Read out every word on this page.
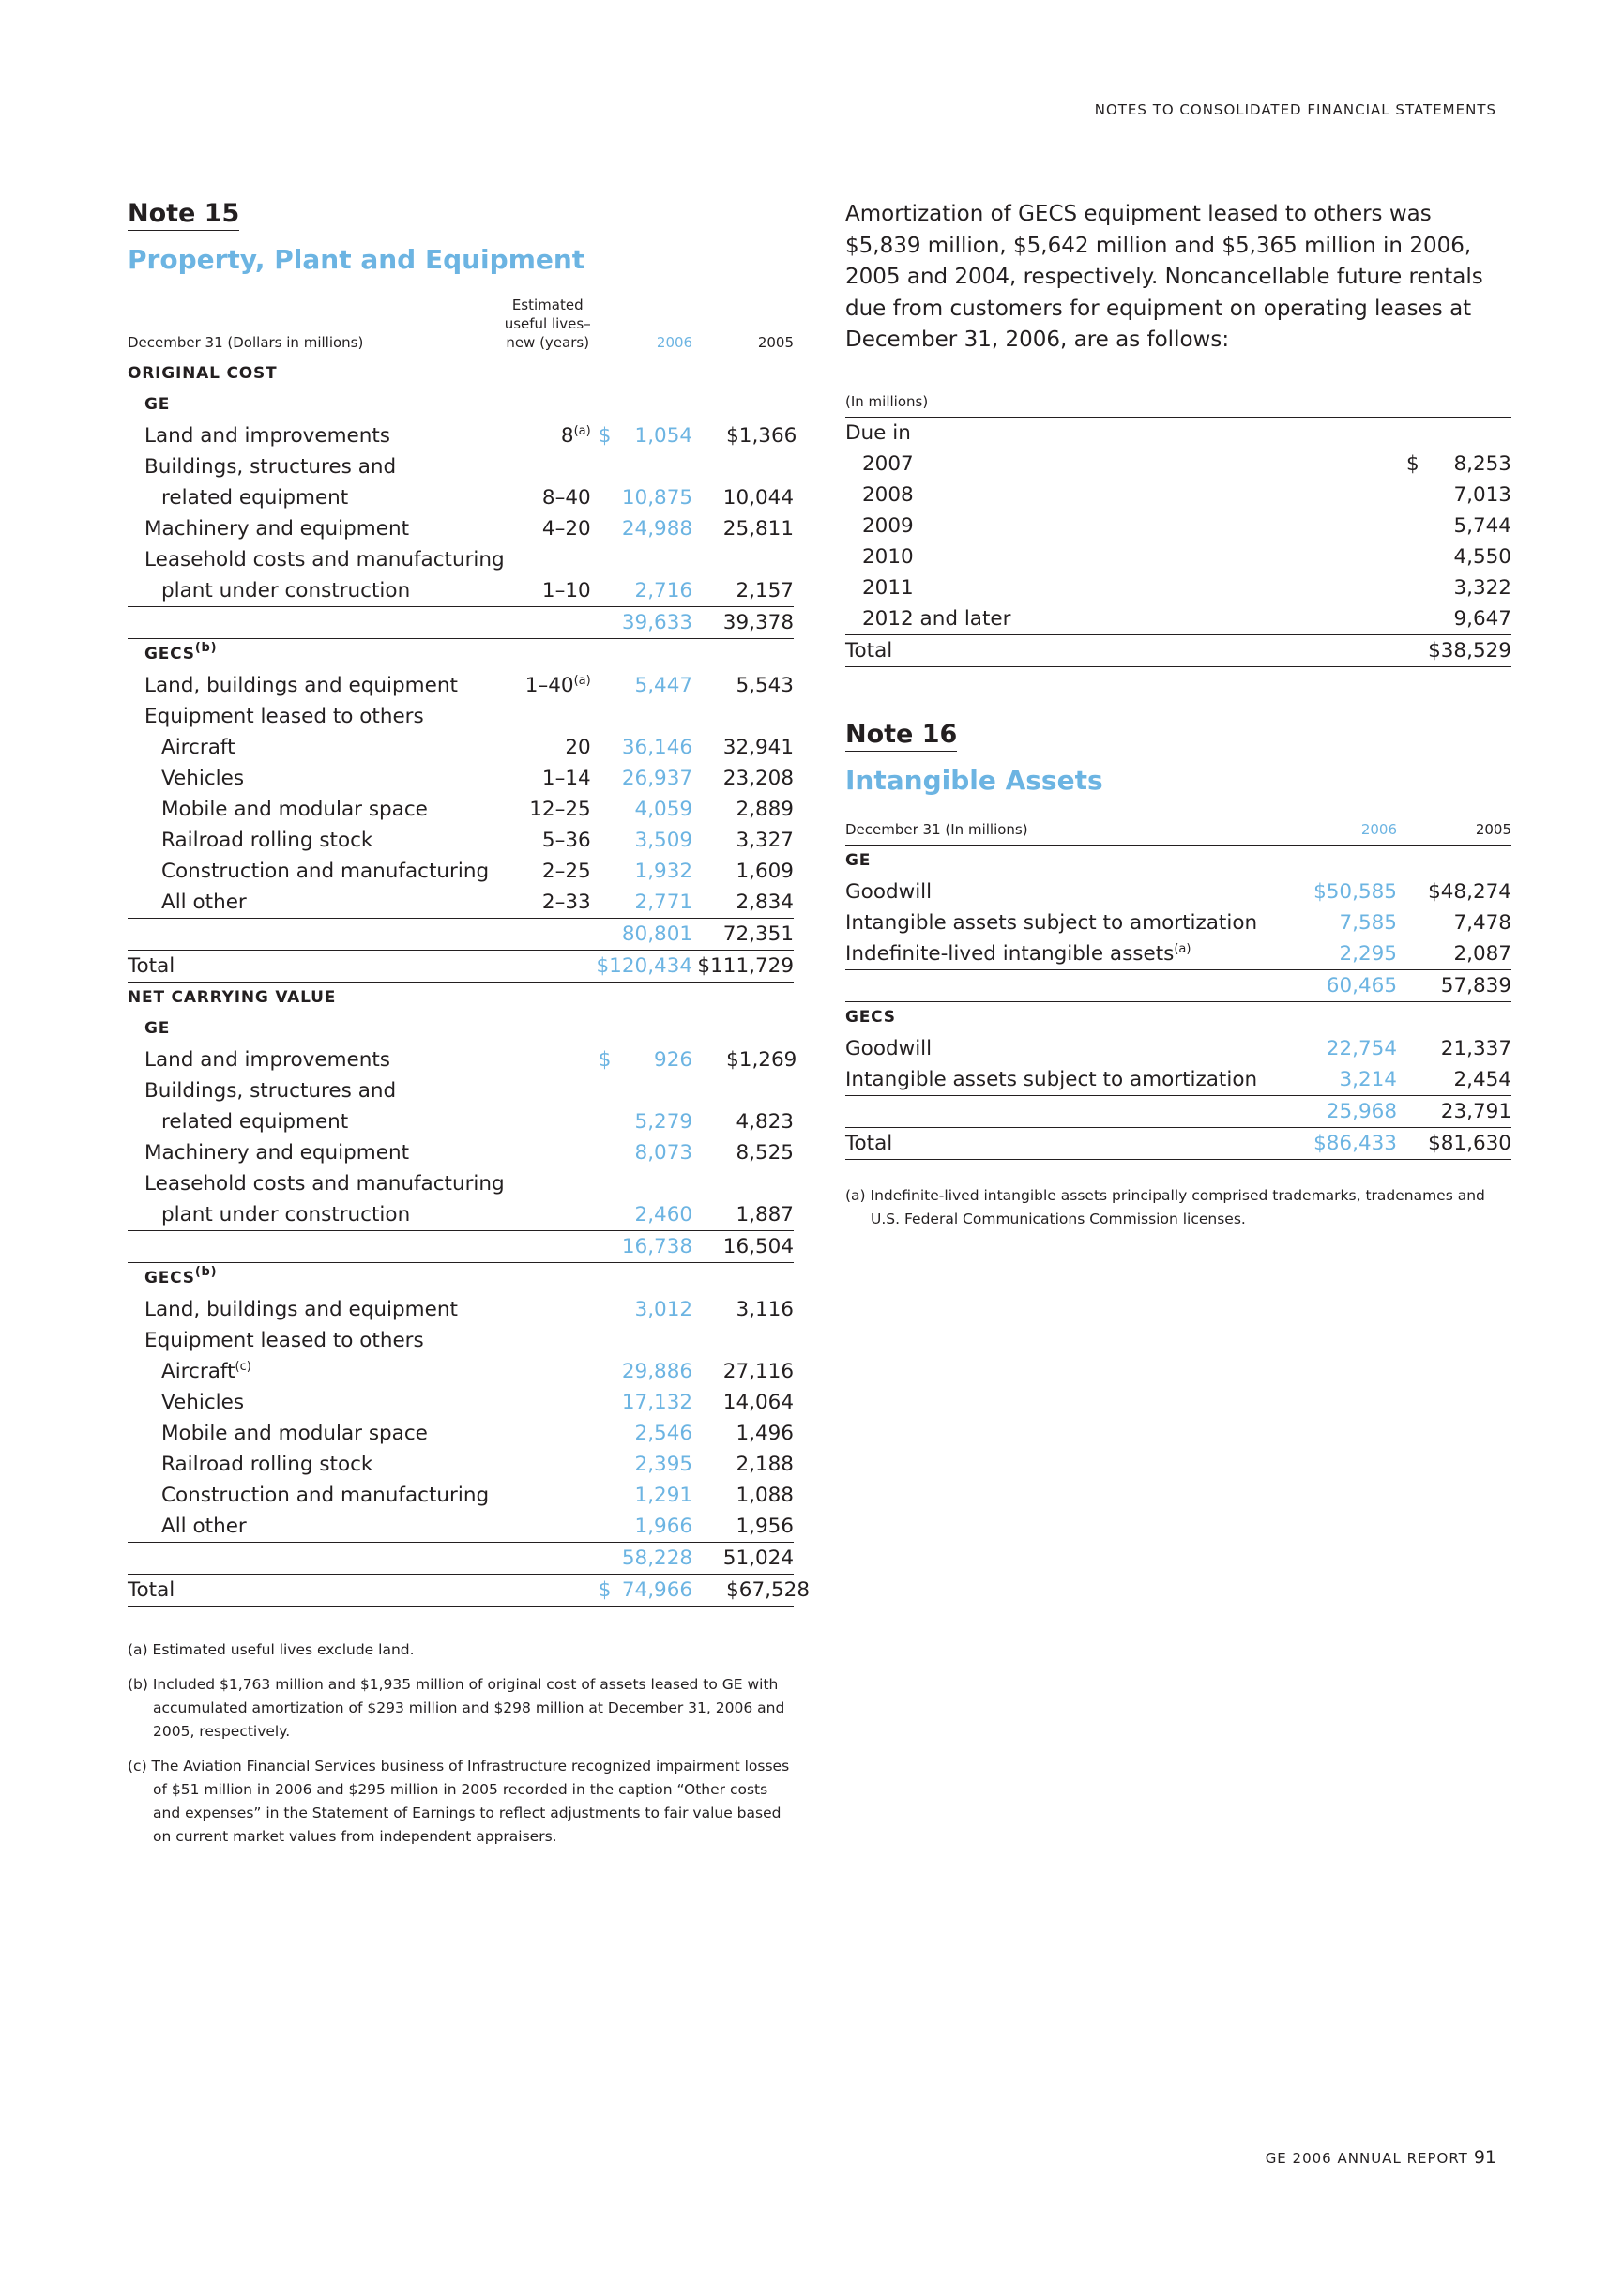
NOTES TO CONSOLIDATED FINANCIAL STATEMENTS
Note 15
Property, Plant and Equipment
December 31 (Dollars in millions)	Estimated
useful lives–
new (years)	2006	2005
ORIGINAL COST			
GE			
Land and improvements	8$^{(a)}$	$ 1,054	$ 1,366
Buildings, structures and			
related equipment	8–40	10,875	10,044
Machinery and equipment	4–20	24,988	25,811
Leasehold costs and manufacturing			
plant under construction	1–10	2,716	2,157
		39,633	39,378
GECS$^{(b)}$
Land, buildings and equipment	1–40$^{(a)}$	5,447	5,543
Equipment leased to others			
Aircraft	20	36,146	32,941
Vehicles	1–14	26,937	23,208
Mobile and modular space	12–25	4,059	2,889
Railroad rolling stock	5–36	3,509	3,327
Construction and manufacturing	2–25	1,932	1,609
All other	2–33	2,771	2,834
		80,801	72,351
Total		$120,434	$111,729
NET CARRYING VALUE			
GE			
Land and improvements		$ 926	$ 1,269
Buildings, structures and			
related equipment		5,279	4,823
Machinery and equipment		8,073	8,525
Leasehold costs and manufacturing			
plant under construction		2,460	1,887
		16,738	16,504
GECS$^{(b)}$
Land, buildings and equipment		3,012	3,116
Equipment leased to others			
Aircraft$^{(c)}$		29,886	27,116
Vehicles		17,132	14,064
Mobile and modular space		2,546	1,496
Railroad rolling stock		2,395	2,188
Construction and manufacturing		1,291	1,088
All other		1,966	1,956
		58,228	51,024
Total		$ 74,966	$ 67,528

(a) Estimated useful lives exclude land.

(b) Included $1,763 million and $1,935 million of original cost of assets leased to GE with accumulated amortization of $293 million and $298 million at December 31, 2006 and 2005, respectively.

(c) The Aviation Financial Services business of Infrastructure recognized impairment losses of $51 million in 2006 and $295 million in 2005 recorded in the caption “Other costs and expenses” in the Statement of Earnings to reflect adjustments to fair value based on current market values from independent appraisers.

Amortization of GECS equipment leased to others was $5,839 million, $5,642 million and $5,365 million in 2006, 2005 and 2004, respectively. Noncancellable future rentals due from customers for equipment on operating leases at December 31, 2006, are as follows:

(In millions)	
Due in	
2007	$ 8,253
2008	7,013
2009	5,744
2010	4,550
2011	3,322
2012 and later	9,647
Total	$38,529
Note 16
Intangible Assets
December 31 (In millions)	2006	2005
GE		
Goodwill	$50,585	$48,274
Intangible assets subject to amortization	7,585	7,478
Indefinite-lived intangible assets$^{(a)}$	2,295	2,087
	60,465	57,839
GECS		
Goodwill	22,754	21,337
Intangible assets subject to amortization	3,214	2,454
	25,968	23,791
Total	$86,433	$81,630

(a) Indefinite-lived intangible assets principally comprised trademarks, tradenames and U.S. Federal Communications Commission licenses.

GE 2006 ANNUAL REPORT 91
